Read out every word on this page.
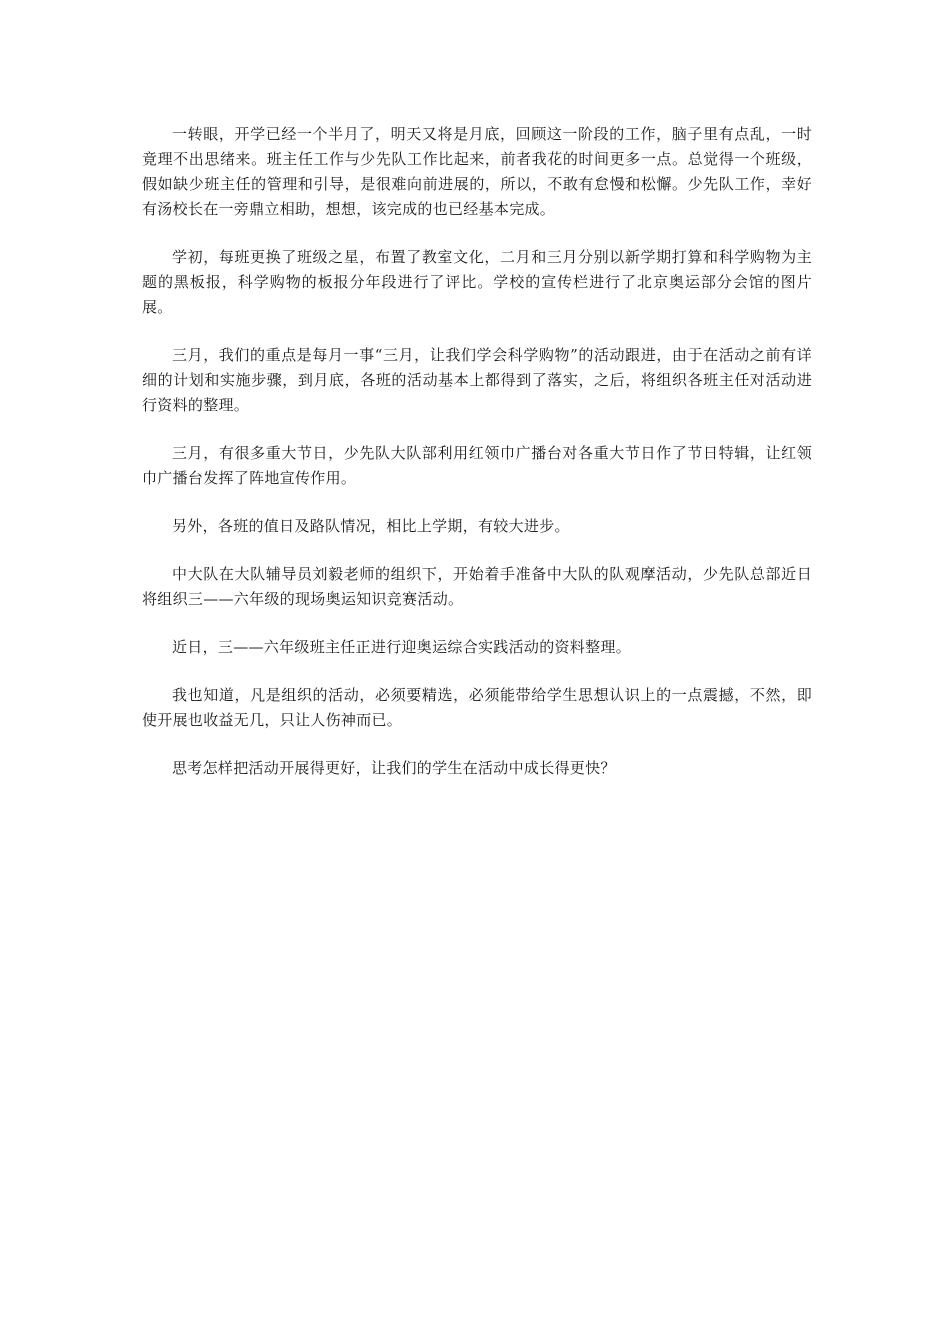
一转眼，开学已经一个半月了，明天又将是月底，回顾这一阶段的工作，脑子里有点乱，一时竟理不出思绪来。班主任工作与少先队工作比起来，前者我花的时间更多一点。总觉得一个班级，假如缺少班主任的管理和引导，是很难向前进展的，所以，不敢有怠慢和松懈。少先队工作，幸好有汤校长在一旁鼎立相助，想想，该完成的也已经基本完成。

学初，每班更换了班级之星，布置了教室文化，二月和三月分别以新学期打算和科学购物为主题的黑板报，科学购物的板报分年段进行了评比。学校的宣传栏进行了北京奥运部分会馆的图片展。

三月，我们的重点是每月一事“三月，让我们学会科学购物”的活动跟进，由于在活动之前有详细的计划和实施步骤，到月底，各班的活动基本上都得到了落实，之后，将组织各班主任对活动进行资料的整理。

三月，有很多重大节日，少先队大队部利用红领巾广播台对各重大节日作了节日特辑，让红领巾广播台发挥了阵地宣传作用。

另外，各班的值日及路队情况，相比上学期，有较大进步。

中大队在大队辅导员刘毅老师的组织下，开始着手准备中大队的队观摩活动，少先队总部近日将组织三——六年级的现场奥运知识竞赛活动。

近日，三——六年级班主任正进行迎奥运综合实践活动的资料整理。

我也知道，凡是组织的活动，必须要精选，必须能带给学生思想认识上的一点震撼，不然，即使开展也收益无几，只让人伤神而已。

思考怎样把活动开展得更好，让我们的学生在活动中成长得更快？
